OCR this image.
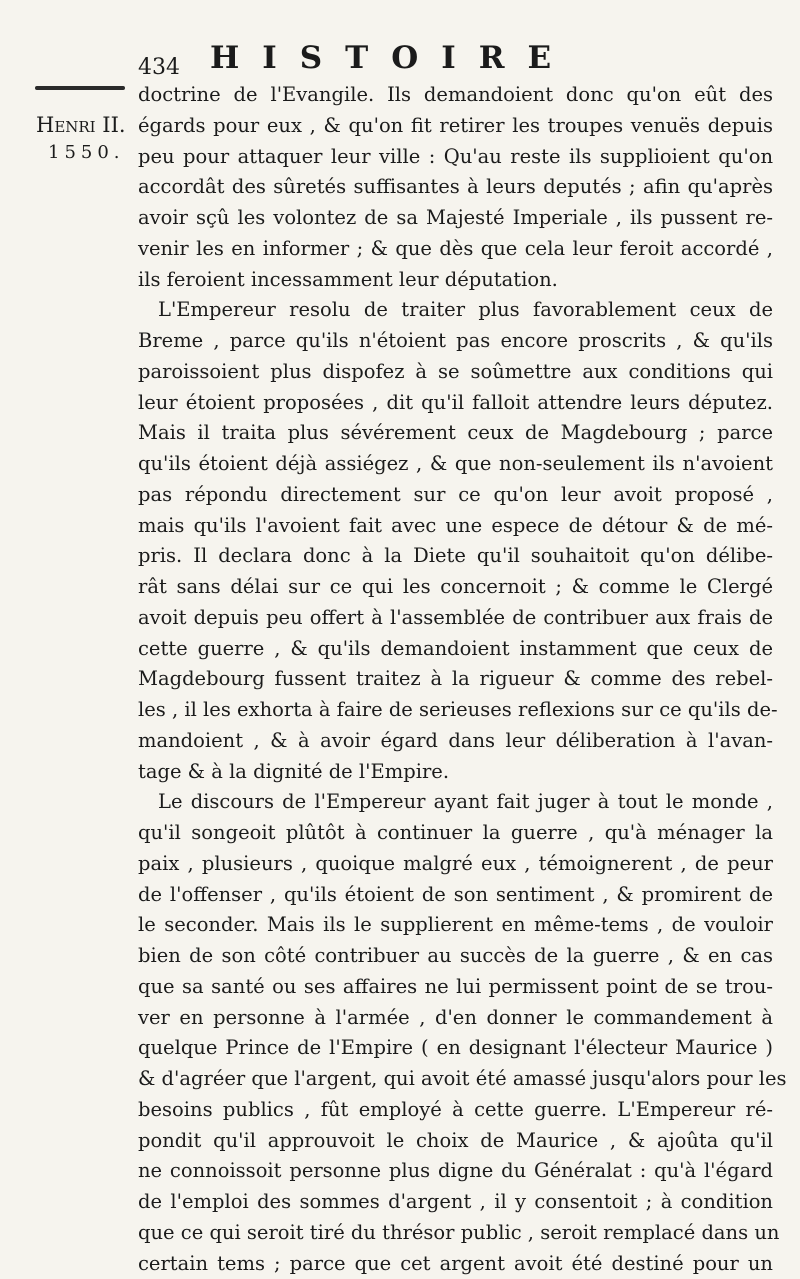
434 HISTOIRE
Henri II.
1550.
doctrine de l'Evangile. Ils demandoient donc qu'on eût des
égards pour eux , & qu'on fit retirer les troupes venuës depuis
peu pour attaquer leur ville : Qu'au reste ils supplioient qu'on
accordât des sûretés suffisantes à leurs deputés ; afin qu'après
avoir sçû les volontez de sa Majesté Imperiale , ils pussent re-
venir les en informer ; & que dès que cela leur feroit accordé ,
ils feroient incessamment leur députation.
L'Empereur resolu de traiter plus favorablement ceux de
Breme , parce qu'ils n'étoient pas encore proscrits , & qu'ils
paroissoient plus dispofez à se soûmettre aux conditions qui
leur étoient proposées , dit qu'il falloit attendre leurs députez.
Mais il traita plus sévérement ceux de Magdebourg ; parce
qu'ils étoient déjà assiégez , & que non-seulement ils n'avoient
pas répondu directement sur ce qu'on leur avoit proposé ,
mais qu'ils l'avoient fait avec une espece de détour & de mé-
pris. Il declara donc à la Diete qu'il souhaitoit qu'on délibe-
rât sans délai sur ce qui les concernoit ; & comme le Clergé
avoit depuis peu offert à l'assemblée de contribuer aux frais de
cette guerre , & qu'ils demandoient instamment que ceux de
Magdebourg fussent traitez à la rigueur & comme des rebel-
les , il les exhorta à faire de serieuses reflexions sur ce qu'ils de-
mandoient , & à avoir égard dans leur déliberation à l'avan-
tage & à la dignité de l'Empire.
Le discours de l'Empereur ayant fait juger à tout le monde ,
qu'il songeoit plûtôt à continuer la guerre , qu'à ménager la
paix , plusieurs , quoique malgré eux , témoignerent , de peur
de l'offenser , qu'ils étoient de son sentiment , & promirent de
le seconder. Mais ils le supplierent en même-tems , de vouloir
bien de son côté contribuer au succès de la guerre , & en cas
que sa santé ou ses affaires ne lui permissent point de se trou-
ver en personne à l'armée , d'en donner le commandement à
quelque Prince de l'Empire ( en designant l'électeur Maurice )
& d'agréer que l'argent, qui avoit été amassé jusqu'alors pour les
besoins publics , fût employé à cette guerre. L'Empereur ré-
pondit qu'il approuvoit le choix de Maurice , & ajoûta qu'il
ne connoissoit personne plus digne du Généralat : qu'à l'égard
de l'emploi des sommes d'argent , il y consentoit ; à condition
que ce qui seroit tiré du thrésor public , seroit remplacé dans un
certain tems ; parce que cet argent avoit été destiné pour un
